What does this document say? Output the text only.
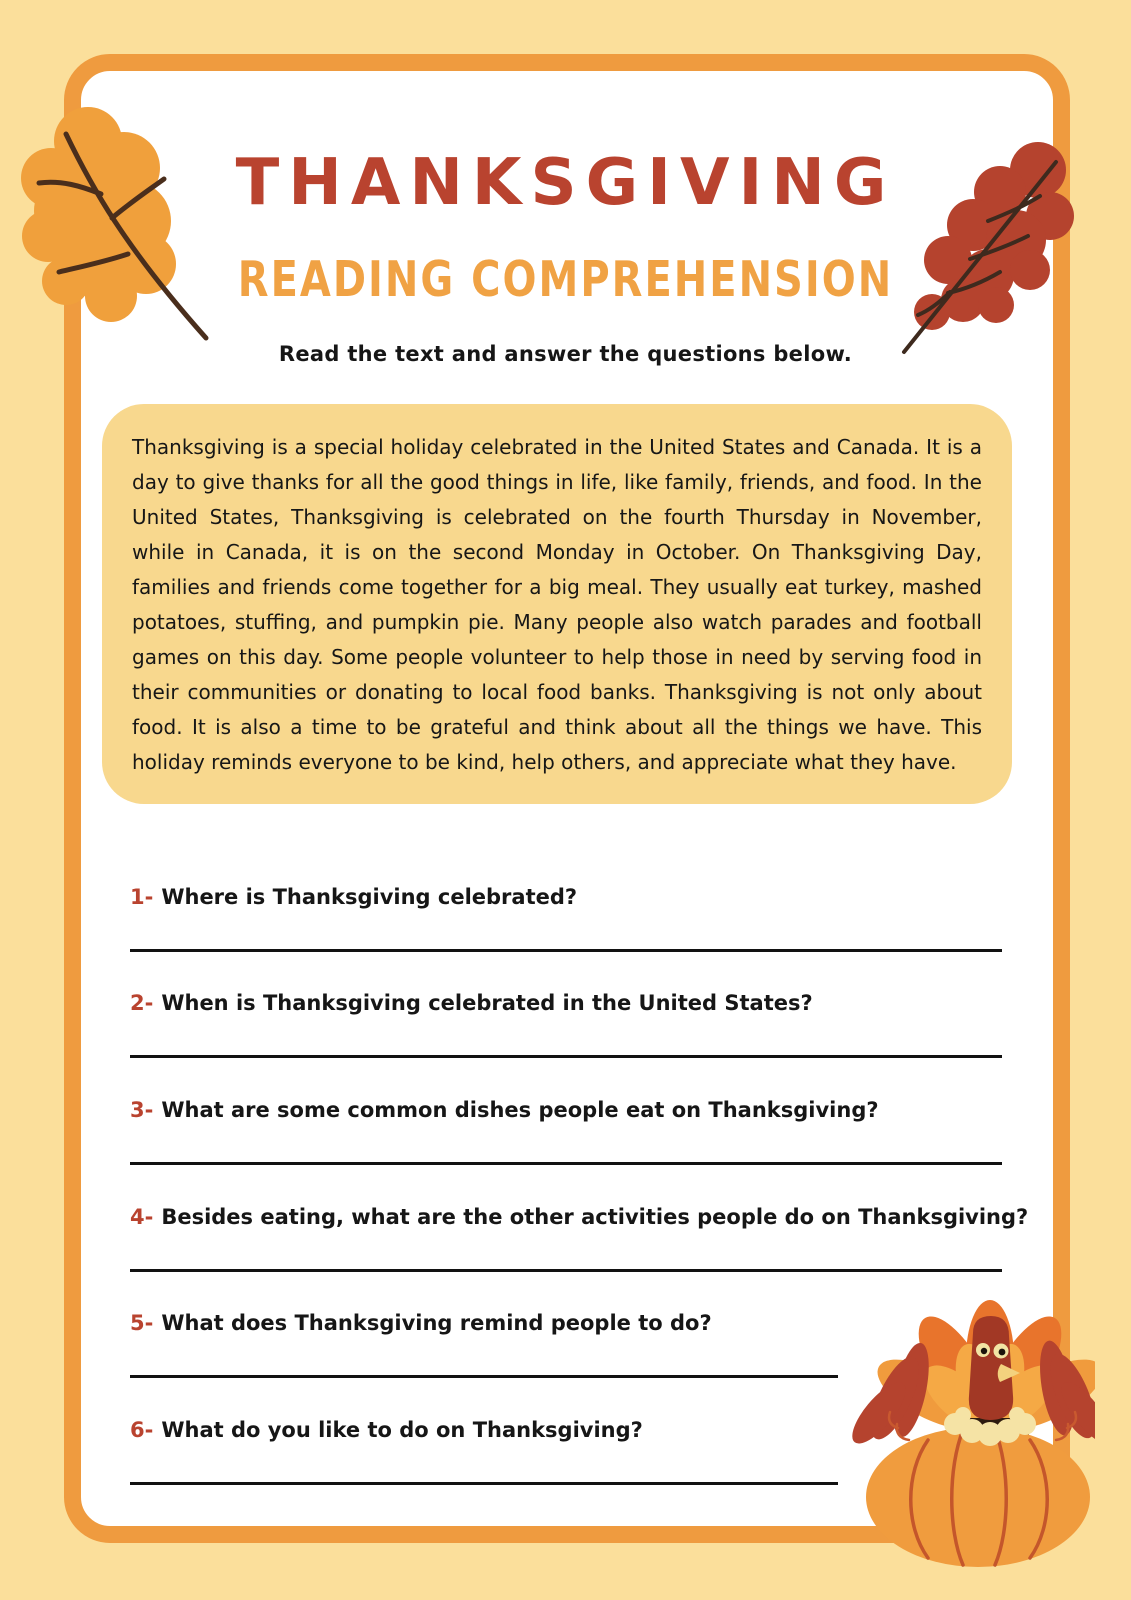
THANKSGIVING
READING COMPREHENSION

Read the text and answer the questions below.

Thanksgiving is a special holiday celebrated in the United States and Canada. It is a day to give thanks for all the good things in life, like family, friends, and food. In the United States, Thanksgiving is celebrated on the fourth Thursday in November, while in Canada, it is on the second Monday in October. On Thanksgiving Day, families and friends come together for a big meal. They usually eat turkey, mashed potatoes, stuffing, and pumpkin pie. Many people also watch parades and football games on this day. Some people volunteer to help those in need by serving food in their communities or donating to local food banks. Thanksgiving is not only about food. It is also a time to be grateful and think about all the things we have. This holiday reminds everyone to be kind, help others, and appreciate what they have.
1- Where is Thanksgiving celebrated?
2- When is Thanksgiving celebrated in the United States?
3- What are some common dishes people eat on Thanksgiving?
4- Besides eating, what are the other activities people do on Thanksgiving?
5- What does Thanksgiving remind people to do?
6- What do you like to do on Thanksgiving?
